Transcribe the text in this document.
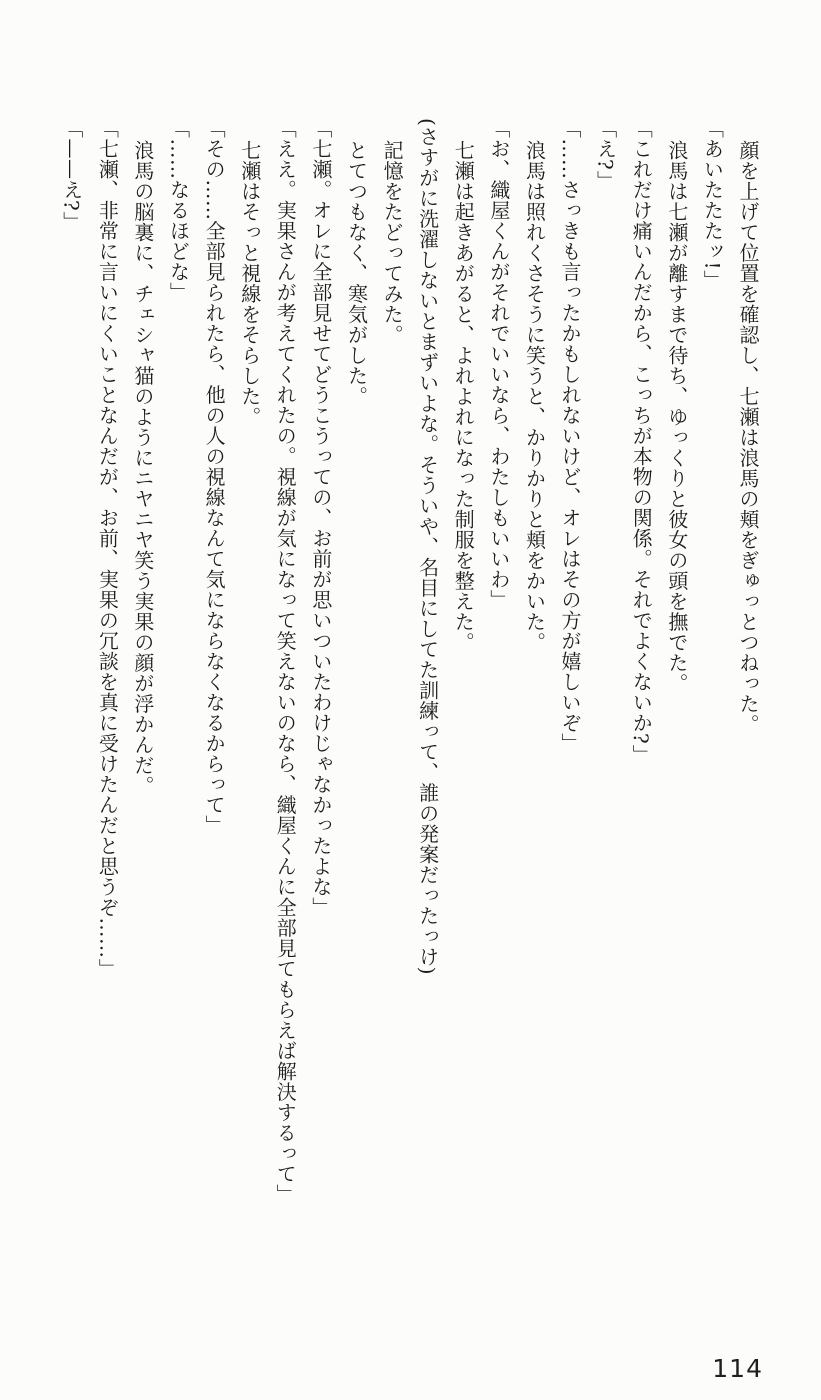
顔を上げて位置を確認し、七瀬は浪馬の頬をぎゅっとつねった。

「あいたたたッ!」

浪馬は七瀬が離すまで待ち、ゆっくりと彼女の頭を撫でた。

「これだけ痛いんだから、こっちが本物の関係。それでよくないか?」

「え?」

「……さっきも言ったかもしれないけど、オレはその方が嬉しいぞ」

浪馬は照れくさそうに笑うと、かりかりと頬をかいた。

「お、織屋くんがそれでいいなら、わたしもいいわ」

七瀬は起きあがると、よれよれになった制服を整えた。

(さすがに洗濯しないとまずいよな。そういや、名目にしてた訓練って、誰の発案だったっけ)

記憶をたどってみた。

とてつもなく、寒気がした。

「七瀬。オレに全部見せてどうこうっての、お前が思いついたわけじゃなかったよな」

「ええ。実果さんが考えてくれたの。視線が気になって笑えないのなら、織屋くんに全部見てもらえば解決するって」

七瀬はそっと視線をそらした。

「その……全部見られたら、他の人の視線なんて気にならなくなるからって」

「……なるほどな」

浪馬の脳裏に、チェシャ猫のようにニヤニヤ笑う実果の顔が浮かんだ。

「七瀬、非常に言いにくいことなんだが、お前、実果の冗談を真に受けたんだと思うぞ……」

「——え?」

114
